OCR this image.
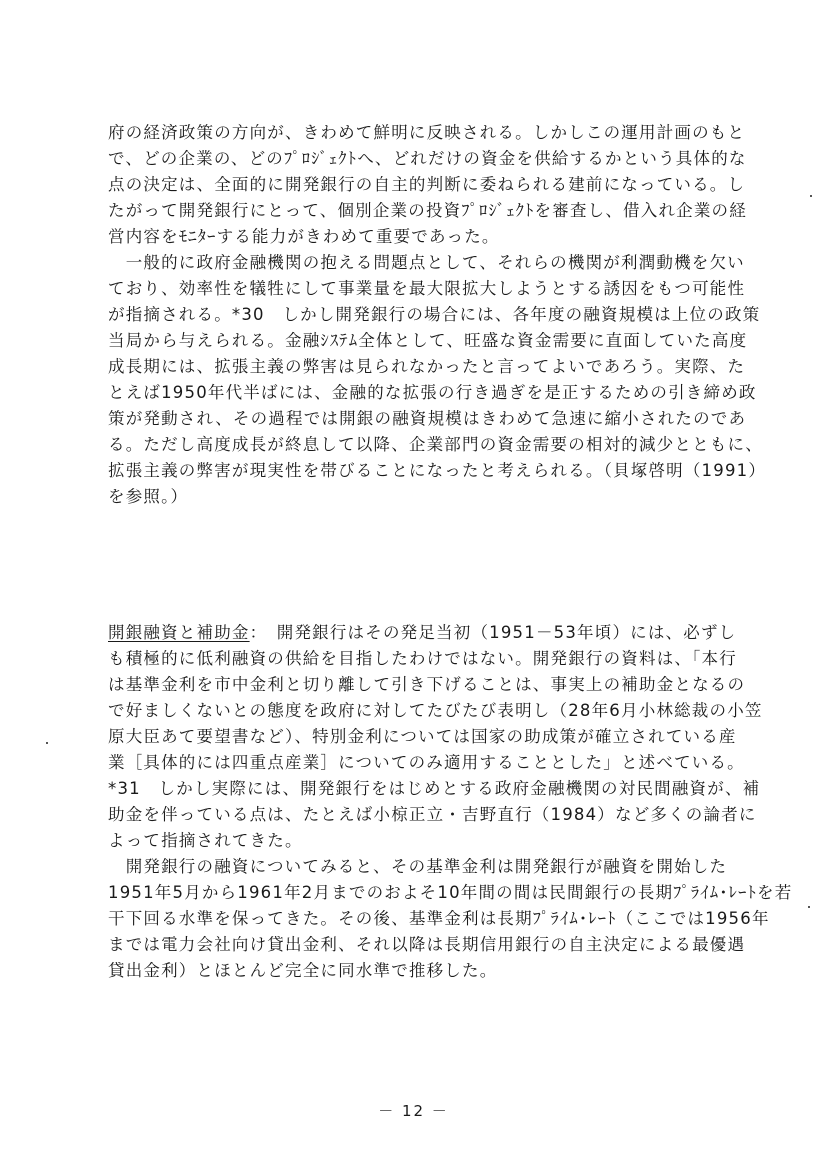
府の経済政策の方向が、きわめて鮮明に反映される。しかしこの運用計画のもと
で、どの企業の、どのﾌﾟﾛｼﾞｪｸﾄへ、どれだけの資金を供給するかという具体的な
点の決定は、全面的に開発銀行の自主的判断に委ねられる建前になっている。し
たがって開発銀行にとって、個別企業の投資ﾌﾟﾛｼﾞｪｸﾄを審査し、借入れ企業の経
営内容をﾓﾆﾀｰする能力がきわめて重要であった。
　一般的に政府金融機関の抱える問題点として、それらの機関が利潤動機を欠い
ており、効率性を犠牲にして事業量を最大限拡大しようとする誘因をもつ可能性
が指摘される。*30　しかし開発銀行の場合には、各年度の融資規模は上位の政策
当局から与えられる。金融ｼｽﾃﾑ全体として、旺盛な資金需要に直面していた高度
成長期には、拡張主義の弊害は見られなかったと言ってよいであろう。実際、た
とえば1950年代半ばには、金融的な拡張の行き過ぎを是正するための引き締め政
策が発動され、その過程では開銀の融資規模はきわめて急速に縮小されたのであ
る。ただし高度成長が終息して以降、企業部門の資金需要の相対的減少とともに、
拡張主義の弊害が現実性を帯びることになったと考えられる。（貝塚啓明（1991）
を参照。）
開銀融資と補助金：　開発銀行はその発足当初（1951－53年頃）には、必ずし
も積極的に低利融資の供給を目指したわけではない。開発銀行の資料は、「本行
は基準金利を市中金利と切り離して引き下げることは、事実上の補助金となるの
で好ましくないとの態度を政府に対してたびたび表明し（28年6月小林総裁の小笠
原大臣あて要望書など）、特別金利については国家の助成策が確立されている産
業［具体的には四重点産業］についてのみ適用することとした」と述べている。
*31　しかし実際には、開発銀行をはじめとする政府金融機関の対民間融資が、補
助金を伴っている点は、たとえば小椋正立・吉野直行（1984）など多くの論者に
よって指摘されてきた。
　開発銀行の融資についてみると、その基準金利は開発銀行が融資を開始した
1951年5月から1961年2月までのおよそ10年間の間は民間銀行の長期ﾌﾟﾗｲﾑ･ﾚｰﾄを若
干下回る水準を保ってきた。その後、基準金利は長期ﾌﾟﾗｲﾑ･ﾚｰﾄ（ここでは1956年
までは電力会社向け貸出金利、それ以降は長期信用銀行の自主決定による最優遇
貸出金利）とほとんど完全に同水準で推移した。
－ 12 －
